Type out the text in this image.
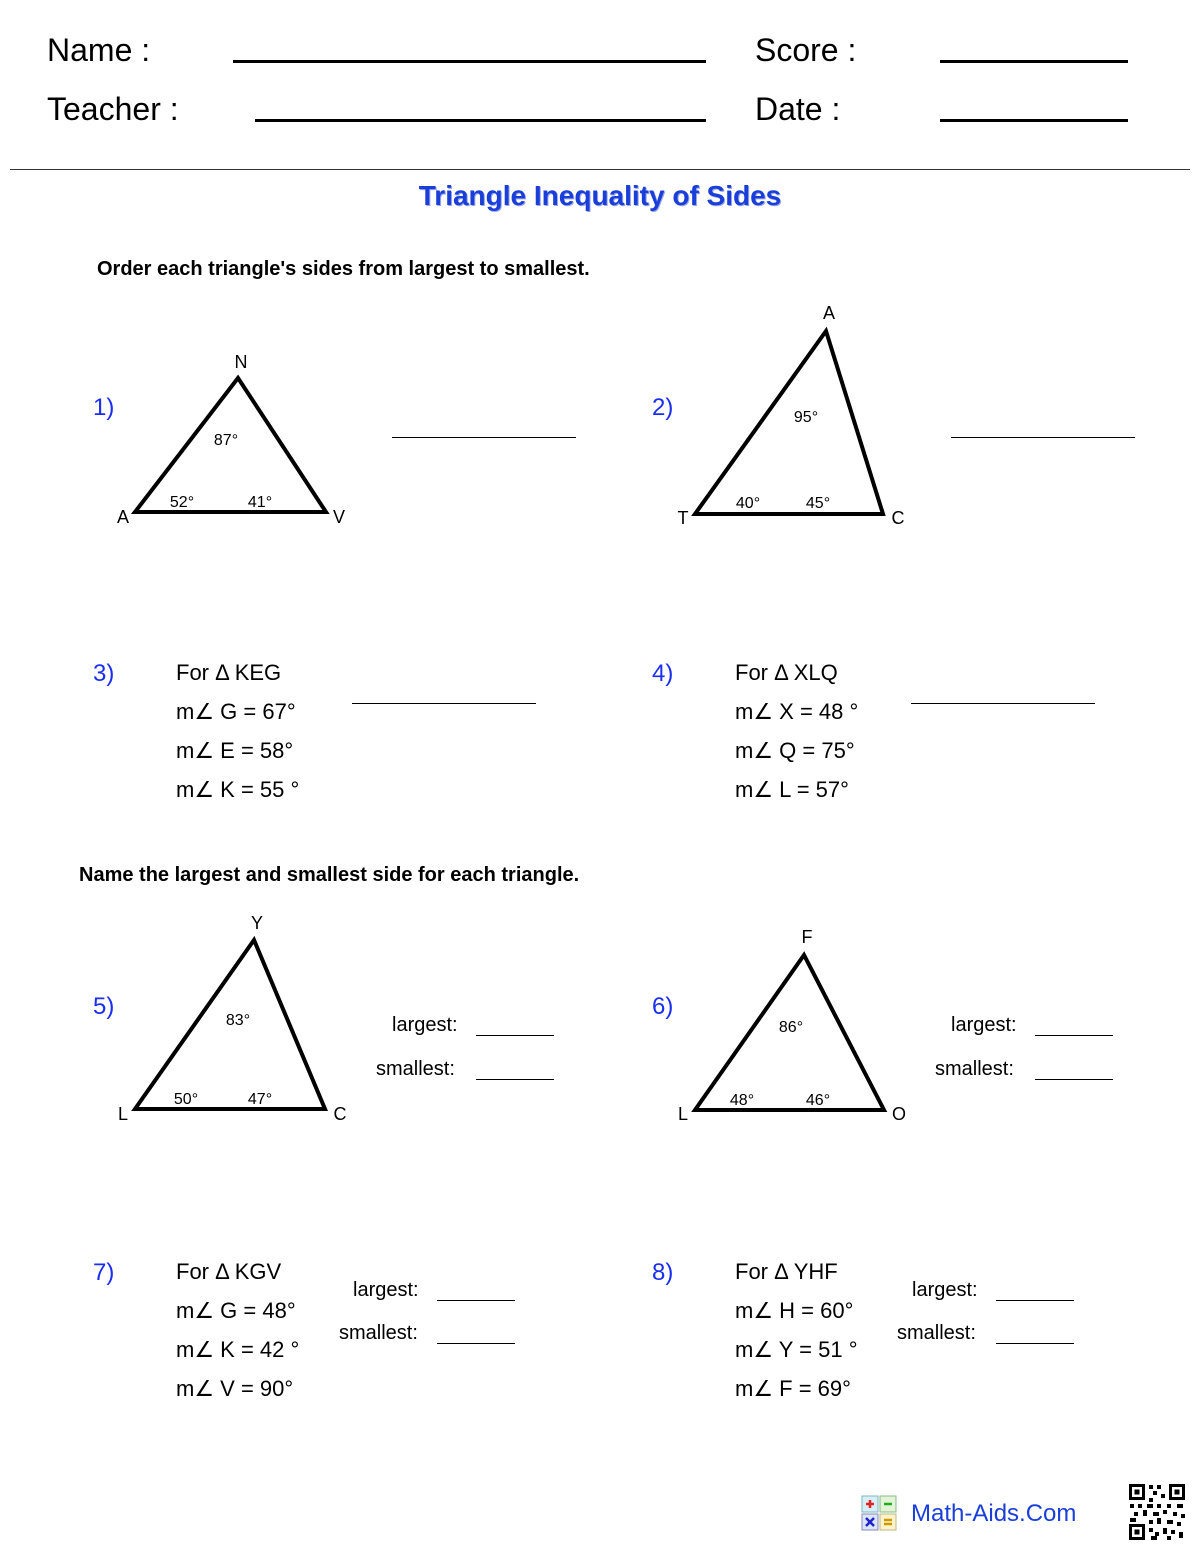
Name :	Score :
Teacher :	Date :
Triangle Inequality of Sides
Order each triangle's sides from largest to smallest.
1)
N
A	V
87°
52°	41°
2)
A
T	C
95°
40°	45°
3)	For Δ KEG
m∠ G = 67°
m∠ E = 58°
m∠ K = 55 °
4)	For Δ XLQ
m∠ X = 48 °
m∠ Q = 75°
m∠ L = 57°
Name the largest and smallest side for each triangle.
5)
Y
L	C
83°
50°	47°
largest:
smallest:
6)
F
L	O
86°
48°	46°
largest:
smallest:
7)	For Δ KGV
m∠ G = 48°
m∠ K = 42 °
m∠ V = 90°
largest:
smallest:
8)	For Δ YHF
m∠ H = 60°
m∠ Y = 51 °
m∠ F = 69°
largest:
smallest:
Math-Aids.Com
